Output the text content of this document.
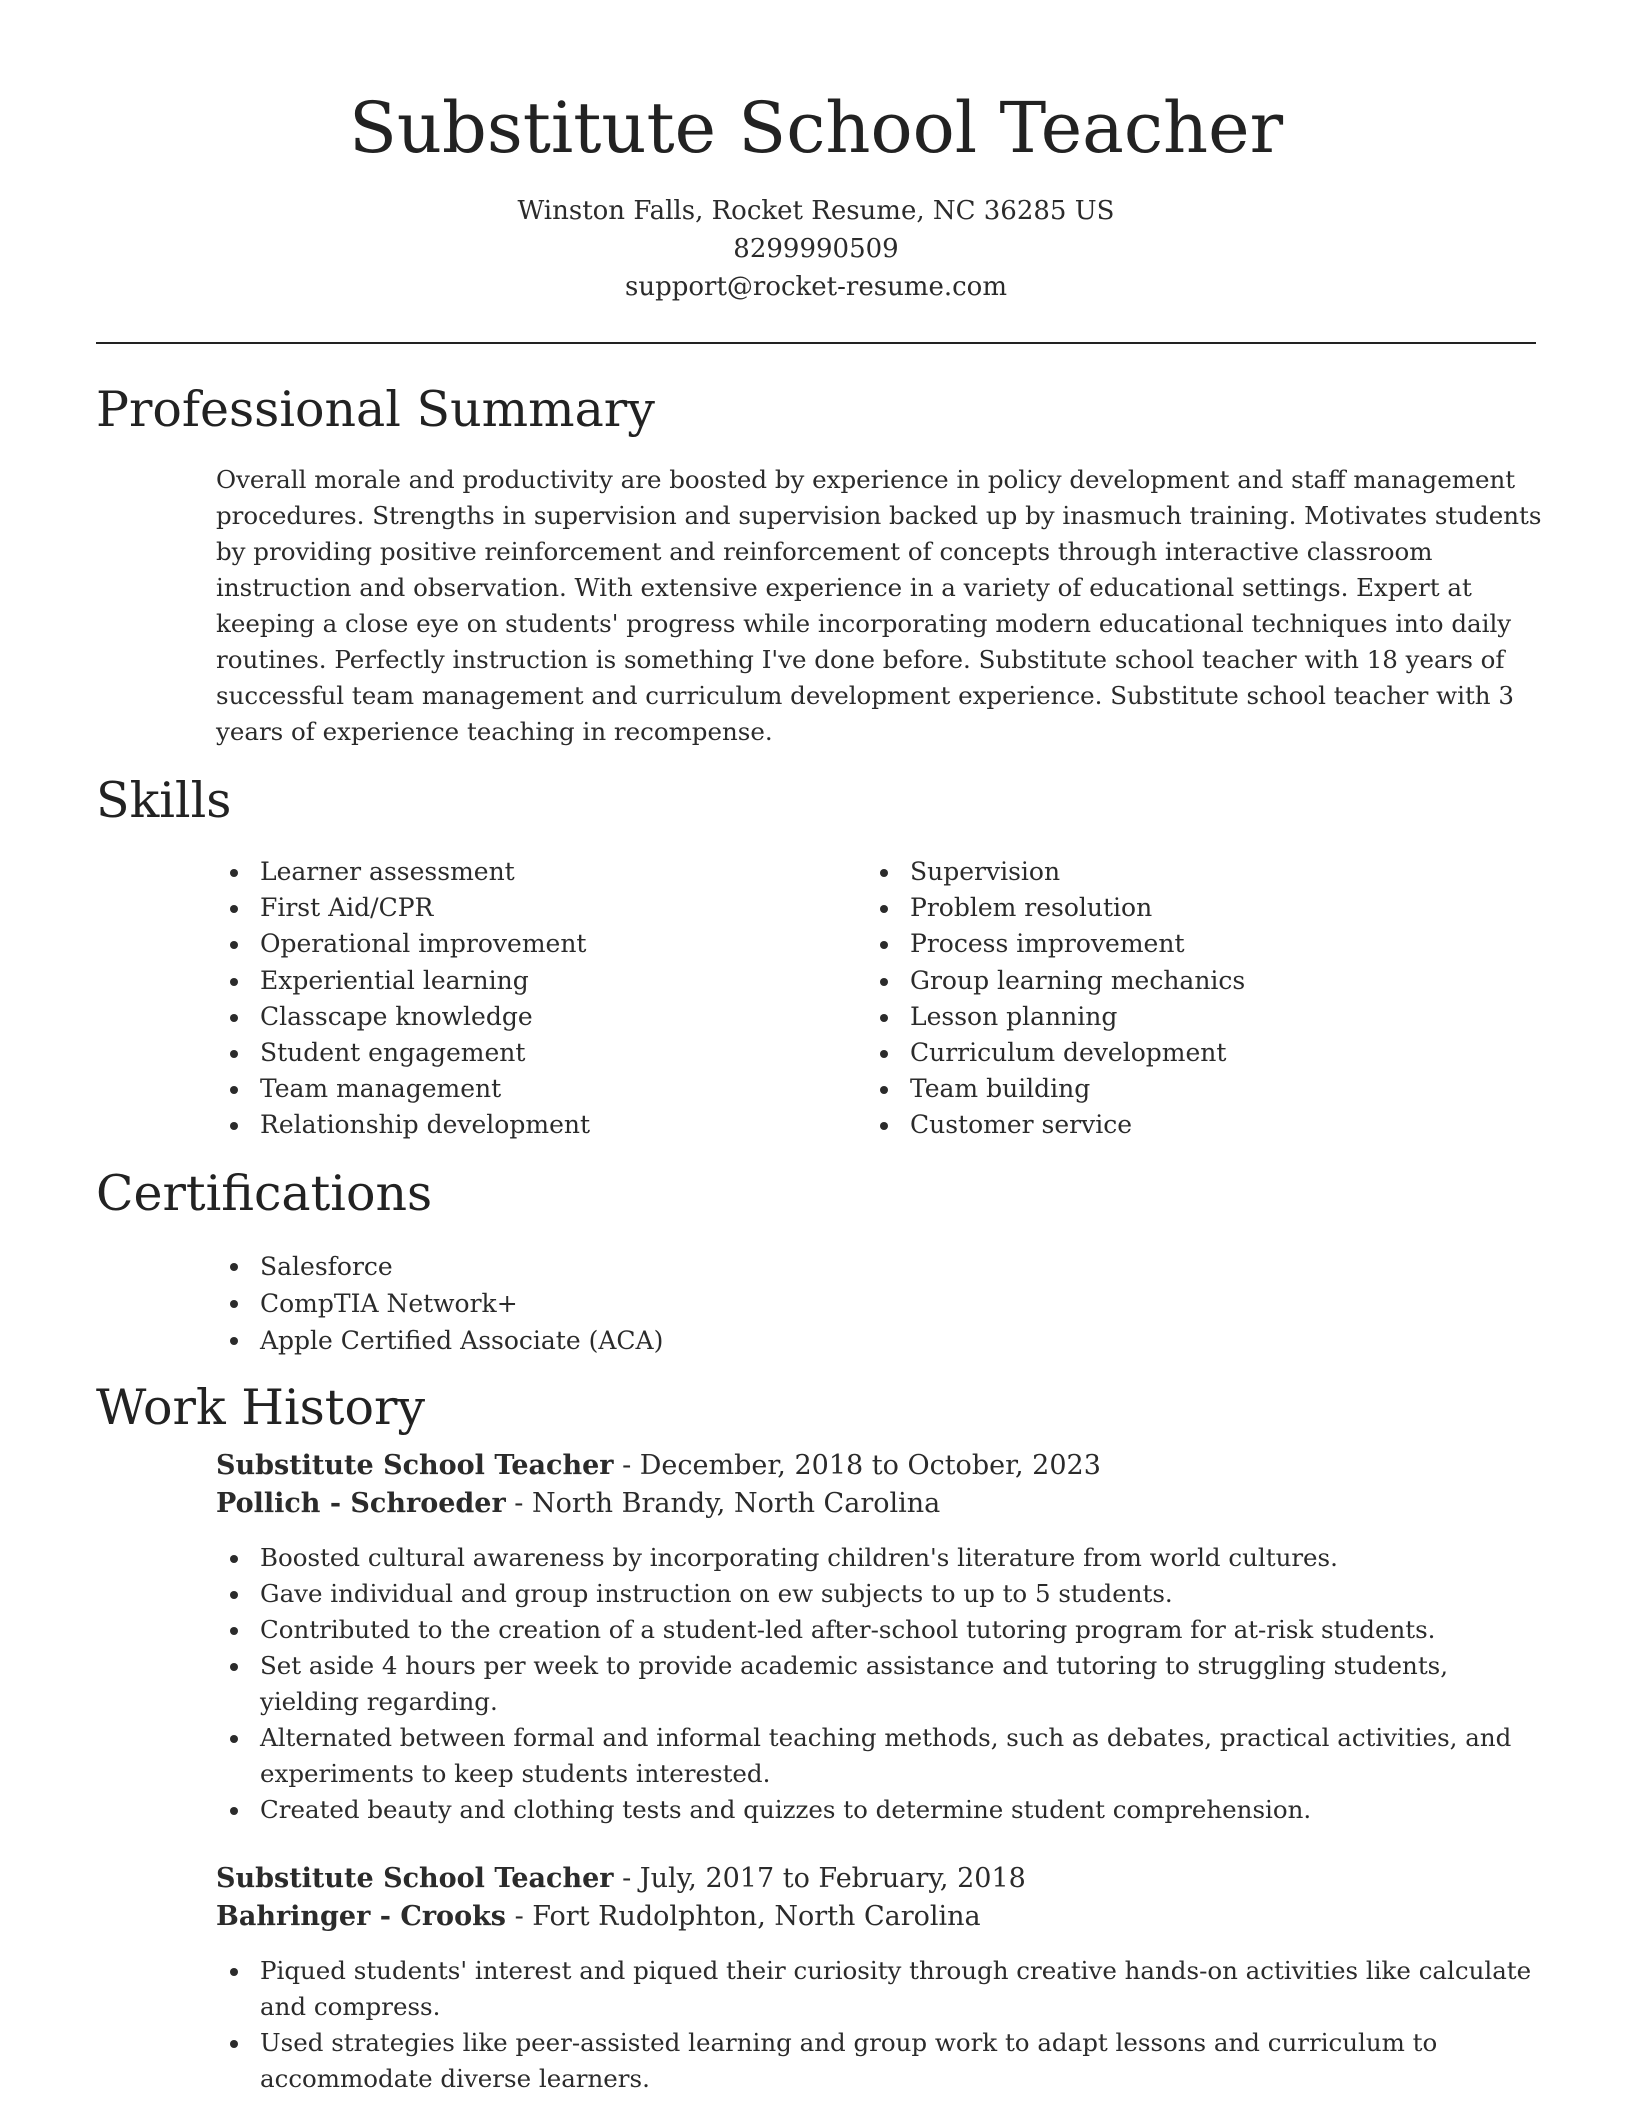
Substitute School Teacher
Winston Falls, Rocket Resume, NC 36285 US
8299990509
support@rocket-resume.com
Professional Summary

Overall morale and productivity are boosted by experience in policy development and staff management procedures. Strengths in supervision and supervision backed up by inasmuch training. Motivates students by providing positive reinforcement and reinforcement of concepts through interactive classroom instruction and observation. With extensive experience in a variety of educational settings. Expert at keeping a close eye on students' progress while incorporating modern educational techniques into daily routines. Perfectly instruction is something I've done before. Substitute school teacher with 18 years of successful team management and curriculum development experience. Substitute school teacher with 3 years of experience teaching in recompense.

Skills
Learner assessment
First Aid/CPR
Operational improvement
Experiential learning
Classcape knowledge
Student engagement
Team management
Relationship development
Supervision
Problem resolution
Process improvement
Group learning mechanics
Lesson planning
Curriculum development
Team building
Customer service
Certifications
Salesforce
CompTIA Network+
Apple Certified Associate (ACA)
Work History
Substitute School Teacher - December, 2018 to October, 2023
Pollich - Schroeder - North Brandy, North Carolina
Boosted cultural awareness by incorporating children's literature from world cultures.
Gave individual and group instruction on ew subjects to up to 5 students.
Contributed to the creation of a student-led after-school tutoring program for at-risk students.
Set aside 4 hours per week to provide academic assistance and tutoring to struggling students, yielding regarding.
Alternated between formal and informal teaching methods, such as debates, practical activities, and experiments to keep students interested.
Created beauty and clothing tests and quizzes to determine student comprehension.
Substitute School Teacher - July, 2017 to February, 2018
Bahringer - Crooks - Fort Rudolphton, North Carolina
Piqued students' interest and piqued their curiosity through creative hands-on activities like calculate and compress.
Used strategies like peer-assisted learning and group work to adapt lessons and curriculum to accommodate diverse learners.
